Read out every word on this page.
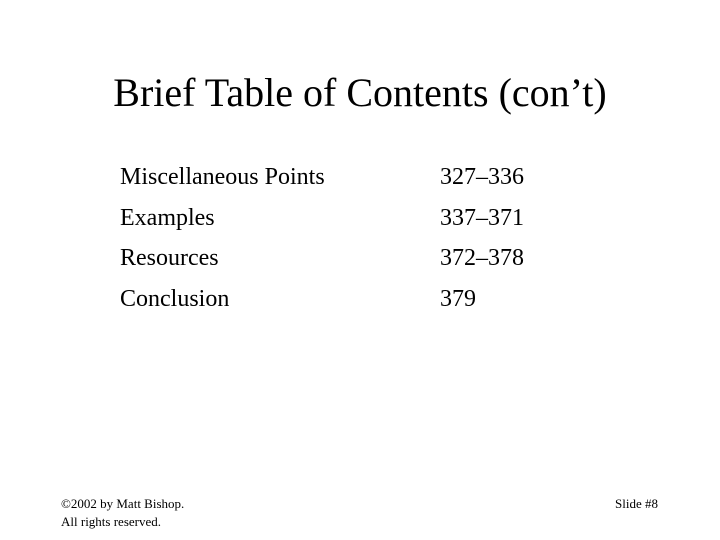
Brief Table of Contents (con’t)
Miscellaneous Points	327–336
Examples	337–371
Resources	372–378
Conclusion	379
©2002 by Matt Bishop.
All rights reserved.
Slide #8
